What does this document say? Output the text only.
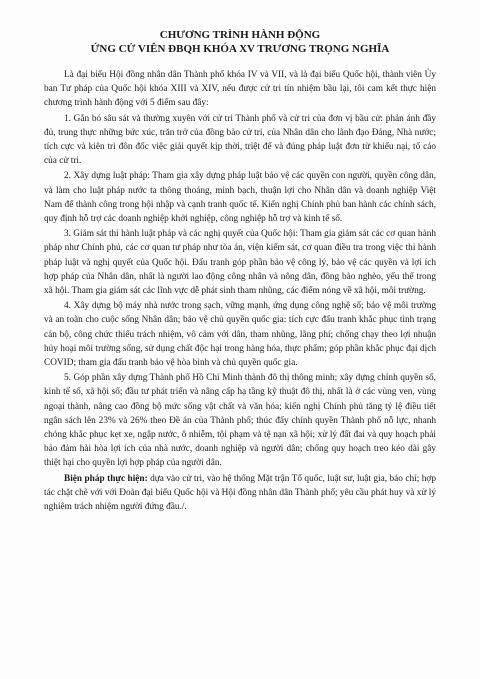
CHƯƠNG TRÌNH HÀNH ĐỘNG

ỨNG CỬ VIÊN ĐBQH KHÓA XV TRƯƠNG TRỌNG NGHĨA

Là đại biểu Hội đồng nhân dân Thành phố khóa IV và VII, và là đại biểu Quốc hội, thành viên Ủy ban Tư pháp của Quốc hội khóa XIII và XIV, nếu được cử tri tín nhiệm bầu lại, tôi cam kết thực hiện chương trình hành động với 5 điểm sau đây:

1. Gắn bó sâu sát và thường xuyên với cử tri Thành phố và cử tri của đơn vị bầu cử: phản ánh đầy đủ, trung thực những bức xúc, trăn trở của đồng bào cử tri, của Nhân dân cho lãnh đạo Đảng, Nhà nước; tích cực và kiên trì đôn đốc việc giải quyết kịp thời, triệt để và đúng pháp luật đơn từ khiếu nại, tố cáo của cử tri.

2. Xây dựng luật pháp: Tham gia xây dựng pháp luật bảo vệ các quyền con người, quyền công dân, và làm cho luật pháp nước ta thông thoáng, minh bạch, thuận lợi cho Nhân dân và doanh nghiệp Việt Nam để thành công trong hội nhập và cạnh tranh quốc tế. Kiến nghị Chính phủ ban hành các chính sách, quy định hỗ trợ các doanh nghiệp khởi nghiệp, công nghiệp hỗ trợ và kinh tế số.

3. Giám sát thi hành luật pháp và các nghị quyết của Quốc hội: Tham gia giám sát các cơ quan hành pháp như Chính phủ, các cơ quan tư pháp như tòa án, viện kiểm sát, cơ quan điều tra trong việc thi hành pháp luật và nghị quyết của Quốc hội. Đấu tranh góp phần bảo vệ công lý, bảo vệ các quyền và lợi ích hợp pháp của Nhân dân, nhất là người lao động công nhân và nông dân, đồng bào nghèo, yếu thế trong xã hội. Tham gia giám sát các lĩnh vực dễ phát sinh tham nhũng, các điểm nóng về xã hội, môi trường.

4. Xây dựng bộ máy nhà nước trong sạch, vững mạnh, ứng dụng công nghệ số; bảo vệ môi trường và an toàn cho cuộc sống Nhân dân; bảo vệ chủ quyền quốc gia: tích cực đấu tranh khắc phục tình trạng cán bộ, công chức thiếu trách nhiệm, vô cảm với dân, tham nhũng, lãng phí; chống chạy theo lợi nhuận hủy hoại môi trường sống, sử dụng chất độc hại trong hàng hóa, thực phẩm; góp phần khắc phục đại dịch COVID; tham gia đấu tranh bảo vệ hòa bình và chủ quyền quốc gia.

5. Góp phần xây dựng Thành phố Hồ Chí Minh thành đô thị thông minh; xây dựng chính quyền số, kinh tế số, xã hội số; đầu tư phát triển và nâng cấp hạ tầng kỹ thuật đô thị, nhất là ở các vùng ven, vùng ngoại thành, nâng cao đồng bộ mức sống vật chất và văn hóa; kiến nghị Chính phủ tăng tỷ lệ điều tiết ngân sách lên 23% và 26% theo Đề án của Thành phố; thúc đẩy chính quyền Thành phố nỗ lực, nhanh chóng khắc phục kẹt xe, ngập nước, ô nhiễm, tội phạm và tệ nạn xã hội; xử lý đất đai và quy hoạch phải bảo đảm hài hòa lợi ích của nhà nước, doanh nghiệp và người dân; chống quy hoạch treo kéo dài gây thiệt hại cho quyền lợi hợp pháp của người dân.

Biện pháp thực hiện: dựa vào cử tri, vào hệ thống Mặt trận Tổ quốc, luật sư, luật gia, báo chí; hợp tác chặt chẽ với với Đoàn đại biểu Quốc hội và Hội đồng nhân dân Thành phố; yêu cầu phát huy và xử lý nghiêm trách nhiệm người đứng đầu./.
